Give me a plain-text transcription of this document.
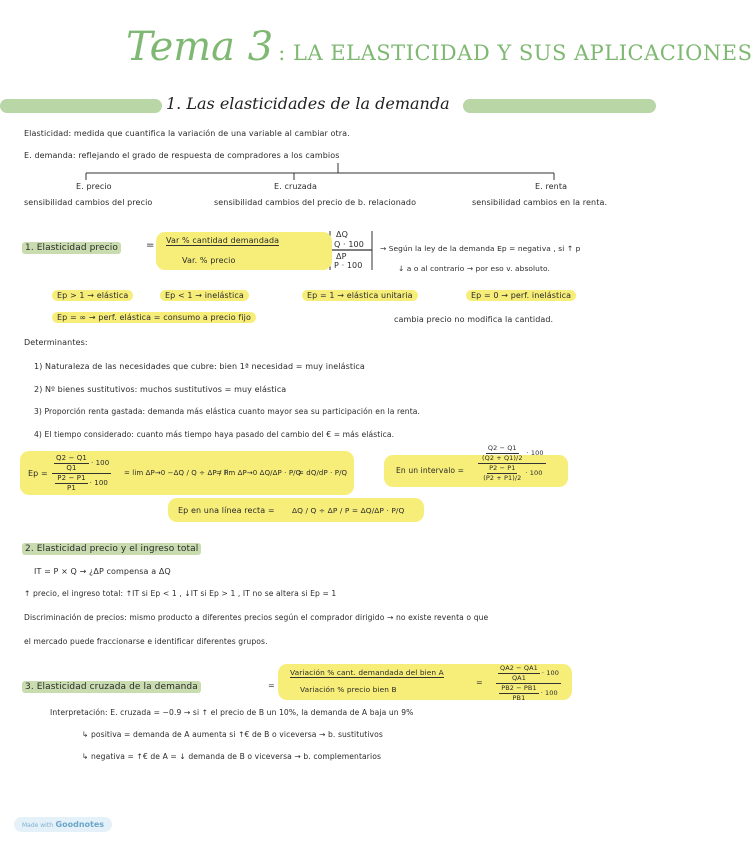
Tema 3 : LA ELASTICIDAD Y SUS APLICACIONES
1. Las elasticidades de la demanda
Elasticidad: medida que cuantifica la variación de una variable al cambiar otra.
E. demanda: reflejando el grado de respuesta de compradores a los cambios
E. precio
sensibilidad cambios del precio
E. cruzada
sensibilidad cambios del precio de b. relacionado
E. renta
sensibilidad cambios en la renta.
1. Elasticidad precio	= Var % cantidad demandada
Var. % precio
ΔQ
Q · 100
ΔP
P · 100
→ Según la ley de la demanda Ep = negativa , si ↑ p
↓ a o al contrario → por eso v. absoluto.
Ep > 1 → elástica	Ep < 1 → inelástica	Ep = 1 → elástica unitaria	Ep = 0 → perf. inelástica
Ep = ∞ → perf. elástica = consumo a precio fijo	cambia precio no modifica la cantidad.
Determinantes:
1) Naturaleza de las necesidades que cubre: bien 1ª necesidad = muy inelástica
2) Nº bienes sustitutivos: muchos sustitutivos = muy elástica
3) Proporción renta gastada: demanda más elástica cuanto mayor sea su participación en la renta.
4) El tiempo considerado: cuanto más tiempo haya pasado del cambio del € = más elástica.
Ep =
$\frac{Q2 - Q1}{Q1} \cdot 100$
$\frac{P2 - P1}{P1} \cdot 100$
= lim ΔP→0 −ΔQ / Q ÷ ΔP / P
= lim ΔP→0 ΔQ/ΔP · P/Q
= dQ/dP · P/Q	En un intervalo =
$\frac{Q2 - Q1}{(Q2 + Q1)/2} \cdot 100$
$\frac{P2 - P1}{(P2 + P1)/2} \cdot 100$
Ep en una línea recta = ΔQ / Q ÷ ΔP / P = ΔQ/ΔP · P/Q
2. Elasticidad precio y el ingreso total
IT = P × Q → ¿ΔP compensa a ΔQ
↑ precio, el ingreso total: ↑IT si Ep < 1 , ↓IT si Ep > 1 , IT no se altera si Ep = 1
Discriminación de precios: mismo producto a diferentes precios según el comprador dirigido → no existe reventa o que
el mercado puede fraccionarse e identificar diferentes grupos.
3. Elasticidad cruzada de la demanda	=
Variación % cant. demandada del bien A
Variación % precio bien B
= $\frac{QA2 - QA1}{QA1} \cdot 100$
$\frac{PB2 - PB1}{PB1} \cdot 100$
Interpretación: E. cruzada = −0.9 → si ↑ el precio de B un 10%, la demanda de A baja un 9%
↳ positiva = demanda de A aumenta si ↑€ de B o viceversa → b. sustitutivos
↳ negativa = ↑€ de A = ↓ demanda de B o viceversa → b. complementarios
Made with Goodnotes
